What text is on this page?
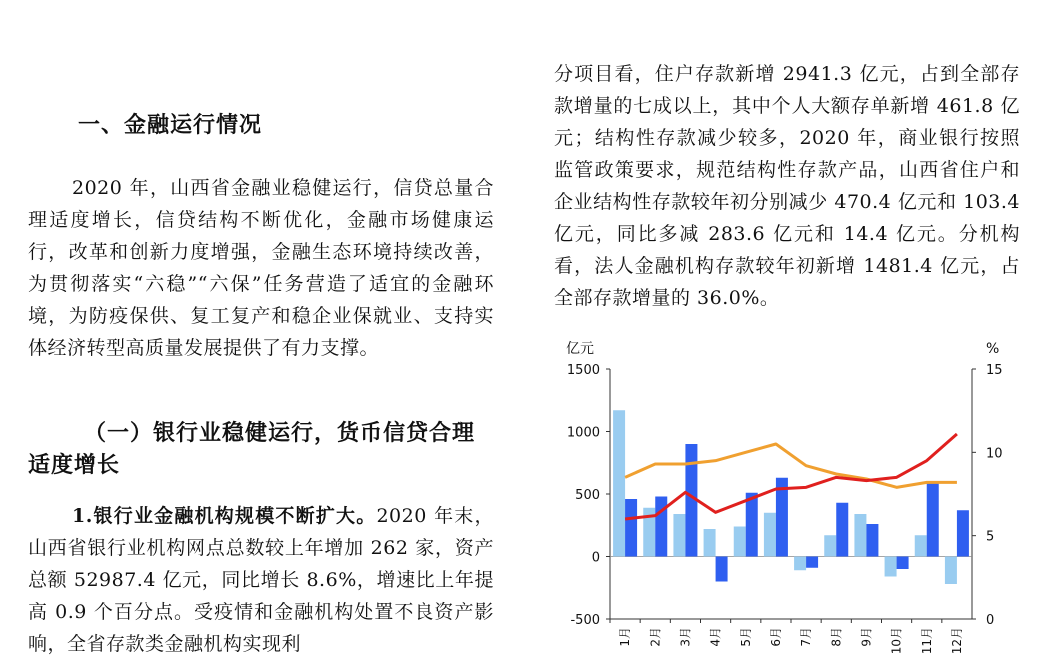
一、金融运行情况

2020 年，山西省金融业稳健运行，信贷总量合理适度增长，信贷结构不断优化，金融市场健康运行，改革和创新力度增强，金融生态环境持续改善，为贯彻落实“六稳”“六保”任务营造了适宜的金融环境，为防疫保供、复工复产和稳企业保就业、支持实体经济转型高质量发展提供了有力支撑。

（一）银行业稳健运行，货币信贷合理适度增长

1.银行业金融机构规模不断扩大。2020 年末，山西省银行业机构网点总数较上年增加 262 家，资产总额 52987.4 亿元，同比增长 8.6%，增速比上年提高 0.9 个百分点。受疫情和金融机构处置不良资产影响，全省存款类金融机构实现利

分项目看，住户存款新增 2941.3 亿元，占到全部存款增量的七成以上，其中个人大额存单新增 461.8 亿元；结构性存款减少较多，2020 年，商业银行按照监管政策要求，规范结构性存款产品，山西省住户和企业结构性存款较年初分别减少 470.4 亿元和 103.4 亿元，同比多减 283.6 亿元和 14.4 亿元。分机构看，法人金融机构存款较年初新增 1481.4 亿元，占全部存款增量的 36.0%。

亿元	%
-500
0
500
1000
1500
0
5
10
15
1月 2月 3月 4月 5月 6月 7月 8月 9月 10月 11月 12月
